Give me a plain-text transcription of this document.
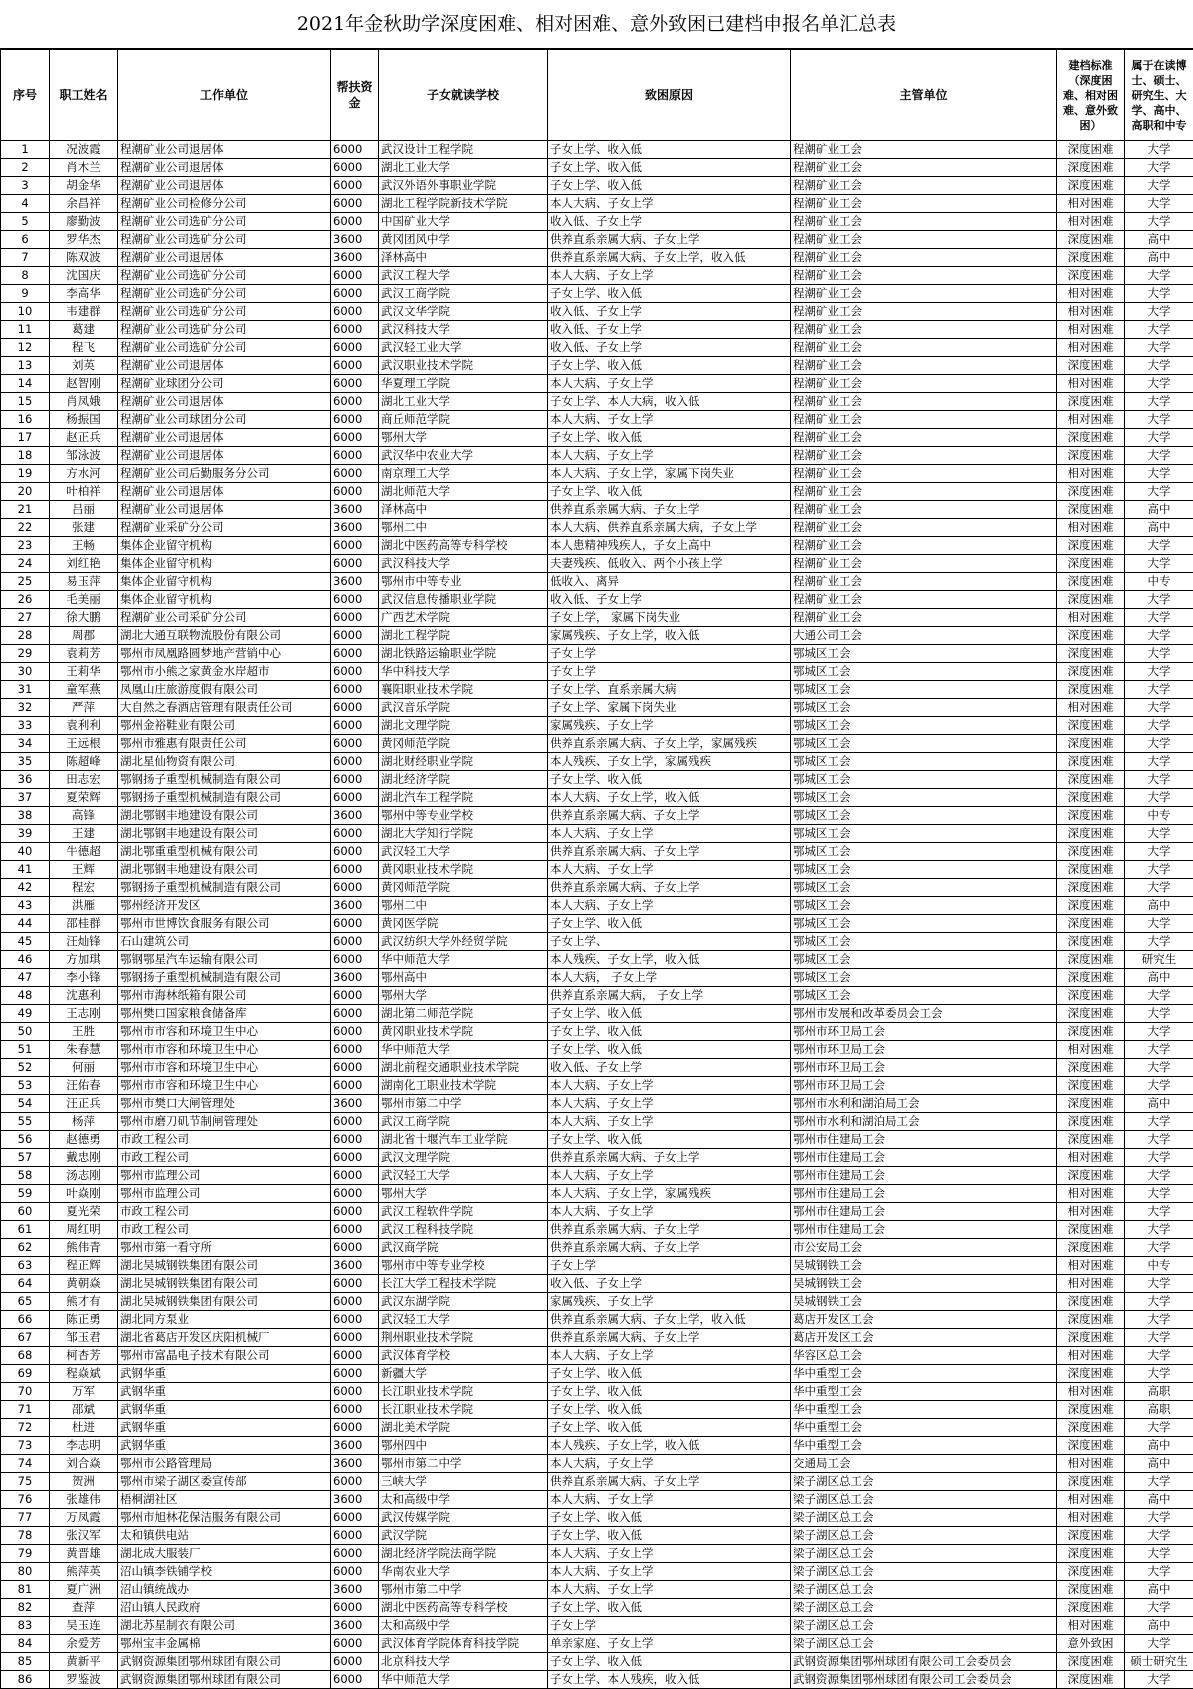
2021年金秋助学深度困难、相对困难、意外致困已建档申报名单汇总表
序号	职工姓名	工作单位	帮扶资金	子女就读学校	致困原因	主管单位	建档标准（深度困难、相对困难、意外致困）	属于在读博士、硕士、研究生、大学、高中、高职和中专
1	况波霞	程潮矿业公司退居体	6000	武汉设计工程学院	子女上学、收入低	程潮矿业工会	深度困难	大学
2	肖木兰	程潮矿业公司退居体	6000	湖北工业大学	子女上学、收入低	程潮矿业工会	深度困难	大学
3	胡金华	程潮矿业公司退居体	6000	武汉外语外事职业学院	子女上学、收入低	程潮矿业工会	深度困难	大学
4	余昌祥	程潮矿业公司检修分公司	6000	湖北工程学院新技术学院	本人大病、子女上学	程潮矿业工会	相对困难	大学
5	廖勤波	程潮矿业公司选矿分公司	6000	中国矿业大学	收入低、子女上学	程潮矿业工会	相对困难	大学
6	罗华杰	程潮矿业公司选矿分公司	3600	黄冈团风中学	供养直系亲属大病、子女上学	程潮矿业工会	深度困难	高中
7	陈双波	程潮矿业公司退居体	3600	泽林高中	供养直系亲属大病、子女上学，收入低	程潮矿业工会	深度困难	高中
8	沈国庆	程潮矿业公司选矿分公司	6000	武汉工程大学	本人大病、子女上学	程潮矿业工会	深度困难	大学
9	李高华	程潮矿业公司选矿分公司	6000	武汉工商学院	子女上学、收入低	程潮矿业工会	相对困难	大学
10	韦建群	程潮矿业公司选矿分公司	6000	武汉文华学院	收入低、子女上学	程潮矿业工会	相对困难	大学
11	葛建	程潮矿业公司选矿分公司	6000	武汉科技大学	收入低、子女上学	程潮矿业工会	相对困难	大学
12	程飞	程潮矿业公司选矿分公司	6000	武汉轻工业大学	收入低、子女上学	程潮矿业工会	相对困难	大学
13	刘英	程潮矿业公司退居体	6000	武汉职业技术学院	子女上学、收入低	程潮矿业工会	深度困难	大学
14	赵智刚	程潮矿业球团分公司	6000	华夏理工学院	本人大病、子女上学	程潮矿业工会	相对困难	大学
15	肖凤娥	程潮矿业公司退居体	6000	湖北工业大学	子女上学、本人大病，收入低	程潮矿业工会	深度困难	大学
16	杨振国	程潮矿业公司球团分公司	6000	商丘师范学院	本人大病、子女上学	程潮矿业工会	相对困难	大学
17	赵正兵	程潮矿业公司退居体	6000	鄂州大学	子女上学、收入低	程潮矿业工会	深度困难	大学
18	邹泳波	程潮矿业公司退居体	6000	武汉华中农业大学	本人大病、子女上学	程潮矿业工会	深度困难	大学
19	方水河	程潮矿业公司后勤服务分公司	6000	南京理工大学	本人大病、子女上学，家属下岗失业	程潮矿业工会	相对困难	大学
20	叶柏祥	程潮矿业公司退居体	6000	湖北师范大学	子女上学、收入低	程潮矿业工会	深度困难	大学
21	吕丽	程潮矿业公司退居体	3600	泽林高中	供养直系亲属大病、子女上学	程潮矿业工会	深度困难	高中
22	张建	程潮矿业采矿分公司	3600	鄂州二中	本人大病、供养直系亲属大病，子女上学	程潮矿业工会	相对困难	高中
23	王畅	集体企业留守机构	6000	湖北中医药高等专科学校	本人患精神残疾人，子女上高中	程潮矿业工会	深度困难	大学
24	刘红艳	集体企业留守机构	6000	武汉科技大学	夫妻残疾、低收入、两个小孩上学	程潮矿业工会	深度困难	大学
25	易玉萍	集体企业留守机构	3600	鄂州市中等专业	低收入、离异	程潮矿业工会	深度困难	中专
26	毛美丽	集体企业留守机构	6000	武汉信息传播职业学院	收入低、子女上学	程潮矿业工会	深度困难	大学
27	徐大鹏	程潮矿业公司采矿分公司	6000	广西艺术学院	子女上学， 家属下岗失业	程潮矿业工会	相对困难	大学
28	周郡	湖北大通互联物流股份有限公司	6000	湖北工程学院	家属残疾、子女上学，收入低	大通公司工会	深度困难	大学
29	袁莉芳	鄂州市凤凰路圆梦地产营销中心	6000	湖北铁路运输职业学院	子女上学	鄂城区工会	深度困难	大学
30	王莉华	鄂州市小熊之家黄金水岸超市	6000	华中科技大学	子女上学	鄂城区工会	深度困难	大学
31	童军燕	凤凰山庄旅游度假有限公司	6000	襄阳职业技术学院	子女上学、直系亲属大病	鄂城区工会	深度困难	大学
32	严萍	大自然之春酒店管理有限责任公司	6000	武汉音乐学院	子女上学、家属下岗失业	鄂城区工会	相对困难	大学
33	袁利利	鄂州金裕鞋业有限公司	6000	湖北文理学院	家属残疾、子女上学	鄂城区工会	深度困难	大学
34	王远根	鄂州市雅惠有限责任公司	6000	黄冈师范学院	供养直系亲属大病、子女上学，家属残疾	鄂城区工会	深度困难	大学
35	陈超峰	湖北星仙物资有限公司	6000	湖北财经职业学院	本人残疾、子女上学，家属残疾	鄂城区工会	深度困难	大学
36	田志宏	鄂钢扬子重型机械制造有限公司	6000	湖北经济学院	子女上学、收入低	鄂城区工会	深度困难	大学
37	夏荣辉	鄂钢扬子重型机械制造有限公司	6000	湖北汽车工程学院	本人大病、子女上学，收入低	鄂城区工会	深度困难	大学
38	高锋	湖北鄂钢丰地建设有限公司	3600	鄂州中等专业学校	供养直系亲属大病、子女上学	鄂城区工会	深度困难	中专
39	王建	湖北鄂钢丰地建设有限公司	6000	湖北大学知行学院	本人大病、子女上学	鄂城区工会	深度困难	大学
40	牛德超	湖北鄂重重型机械有限公司	6000	武汉轻工大学	供养直系亲属大病、子女上学	鄂城区工会	深度困难	大学
41	王辉	湖北鄂钢丰地建设有限公司	6000	黄冈职业技术学院	本人大病、子女上学	鄂城区工会	深度困难	大学
42	程宏	鄂钢扬子重型机械制造有限公司	6000	黄冈师范学院	供养直系亲属大病、子女上学	鄂城区工会	深度困难	大学
43	洪雁	鄂州经济开发区	3600	鄂州二中	本人大病、子女上学	鄂城区工会	深度困难	高中
44	邵桂群	鄂州市世博饮食服务有限公司	6000	黄冈医学院	子女上学、收入低	鄂城区工会	深度困难	大学
45	汪灿锋	石山建筑公司	6000	武汉纺织大学外经贸学院	子女上学、	鄂城区工会	深度困难	大学
46	方加琪	鄂钢鄂星汽车运输有限公司	6000	华中师范大学	本人残疾、子女上学，收入低	鄂城区工会	深度困难	研究生
47	李小锋	鄂钢扬子重型机械制造有限公司	3600	鄂州高中	本人大病， 子女上学	鄂城区工会	深度困难	高中
48	沈惠利	鄂州市海林纸箱有限公司	6000	鄂州大学	供养直系亲属大病， 子女上学	鄂城区工会	深度困难	大学
49	王志刚	鄂州樊口国家粮食储备库	6000	湖北第二师范学院	子女上学、收入低	鄂州市发展和改革委员会工会	深度困难	大学
50	王胜	鄂州市市容和环境卫生中心	6000	黄冈职业技术学院	子女上学、收入低	鄂州市环卫局工会	深度困难	大学
51	朱春慧	鄂州市市容和环境卫生中心	6000	华中师范大学	子女上学、收入低	鄂州市环卫局工会	相对困难	大学
52	何丽	鄂州市市容和环境卫生中心	6000	湖北前程交通职业技术学院	收入低、子女上学	鄂州市环卫局工会	深度困难	大学
53	汪佑春	鄂州市市容和环境卫生中心	6000	湖南化工职业技术学院	本人大病、子女上学	鄂州市环卫局工会	深度困难	大学
54	汪正兵	鄂州市樊口大闸管理处	3600	鄂州市第二中学	本人大病、子女上学	鄂州市水利和湖泊局工会	深度困难	高中
55	杨萍	鄂州市磨刀矶节制闸管理处	6000	武汉工商学院	本人大病、子女上学	鄂州市水利和湖泊局工会	深度困难	大学
56	赵德勇	市政工程公司	6000	湖北省十堰汽车工业学院	子女上学、收入低	鄂州市住建局工会	深度困难	大学
57	戴忠刚	市政工程公司	6000	武汉文理学院	供养直系亲属大病、子女上学	鄂州市住建局工会	相对困难	大学
58	汤志刚	鄂州市监理公司	6000	武汉轻工大学	本人大病、子女上学	鄂州市住建局工会	深度困难	大学
59	叶焱刚	鄂州市监理公司	6000	鄂州大学	本人大病、子女上学，家属残疾	鄂州市住建局工会	相对困难	大学
60	夏光荣	市政工程公司	6000	武汉工程软件学院	本人大病、子女上学	鄂州市住建局工会	相对困难	大学
61	周红明	市政工程公司	6000	武汉工程科技学院	供养直系亲属大病、子女上学	鄂州市住建局工会	深度困难	大学
62	熊伟青	鄂州市第一看守所	6000	武汉商学院	供养直系亲属大病、子女上学	市公安局工会	深度困难	大学
63	程正辉	湖北吴城钢铁集团有限公司	3600	鄂州市中等专业学校	子女上学	吴城钢铁工会	相对困难	中专
64	黄朝焱	湖北吴城钢铁集团有限公司	6000	长江大学工程技术学院	收入低、子女上学	吴城钢铁工会	相对困难	大学
65	熊才有	湖北吴城钢铁集团有限公司	6000	武汉东湖学院	家属残疾、子女上学	吴城钢铁工会	深度困难	大学
66	陈正勇	湖北同方泵业	6000	武汉轻工大学	供养直系亲属大病、子女上学，收入低	葛店开发区工会	深度困难	大学
67	邹玉君	湖北省葛店开发区庆阳机械厂	6000	荆州职业技术学院	供养直系亲属大病、子女上学	葛店开发区工会	深度困难	大学
68	柯杏芳	鄂州市富晶电子技术有限公司	6000	武汉体育学校	本人大病、子女上学	华容区总工会	相对困难	大学
69	程焱斌	武钢华重	6000	新疆大学	子女上学、收入低	华中重型工会	深度困难	大学
70	万军	武钢华重	6000	长江职业技术学院	子女上学、收入低	华中重型工会	相对困难	高职
71	邵斌	武钢华重	6000	长江职业技术学院	子女上学、收入低	华中重型工会	深度困难	高职
72	杜进	武钢华重	6000	湖北美术学院	子女上学、收入低	华中重型工会	深度困难	大学
73	李志明	武钢华重	3600	鄂州四中	本人残疾、子女上学，收入低	华中重型工会	深度困难	高中
74	刘合焱	鄂州市公路管理局	3600	鄂州市第二中学	本人大病，子女上学	交通局工会	相对困难	高中
75	贺洲	鄂州市梁子湖区委宣传部	6000	三峡大学	供养直系亲属大病、子女上学	梁子湖区总工会	深度困难	大学
76	张雄伟	梧桐湖社区	3600	太和高级中学	本人大病、子女上学	梁子湖区总工会	相对困难	高中
77	万凤霞	鄂州市旭林花保洁服务有限公司	6000	武汉传媒学院	子女上学、收入低	梁子湖区总工会	相对困难	大学
78	张汉军	太和镇供电站	6000	武汉学院	子女上学、收入低	梁子湖区总工会	深度困难	大学
79	黄晋雄	湖北成大服装厂	6000	湖北经济学院法商学院	本人大病、子女上学	梁子湖区总工会	深度困难	大学
80	熊萍英	沼山镇李铁铺学校	6000	华南农业大学	本人大病、子女上学	梁子湖区总工会	深度困难	大学
81	夏广洲	沼山镇统战办	3600	鄂州市第二中学	本人大病、子女上学	梁子湖区总工会	深度困难	高中
82	查萍	沼山镇人民政府	6000	湖北中医药高等专科学校	子女上学、收入低	梁子湖区总工会	深度困难	大学
83	吴玉连	湖北苏星制衣有限公司	3600	太和高级中学	子女上学	梁子湖区总工会	相对困难	高中
84	余爱芳	鄂州宝丰金属棉	6000	武汉体育学院体育科技学院	单亲家庭、子女上学	梁子湖区总工会	意外致困	大学
85	黄新平	武钢资源集团鄂州球团有限公司	6000	北京科技大学	子女上学、收入低	武钢资源集团鄂州球团有限公司工会委员会	深度困难	硕士研究生
86	罗鉴波	武钢资源集团鄂州球团有限公司	6000	华中师范大学	子女上学、本人残疾，收入低	武钢资源集团鄂州球团有限公司工会委员会	深度困难	大学
